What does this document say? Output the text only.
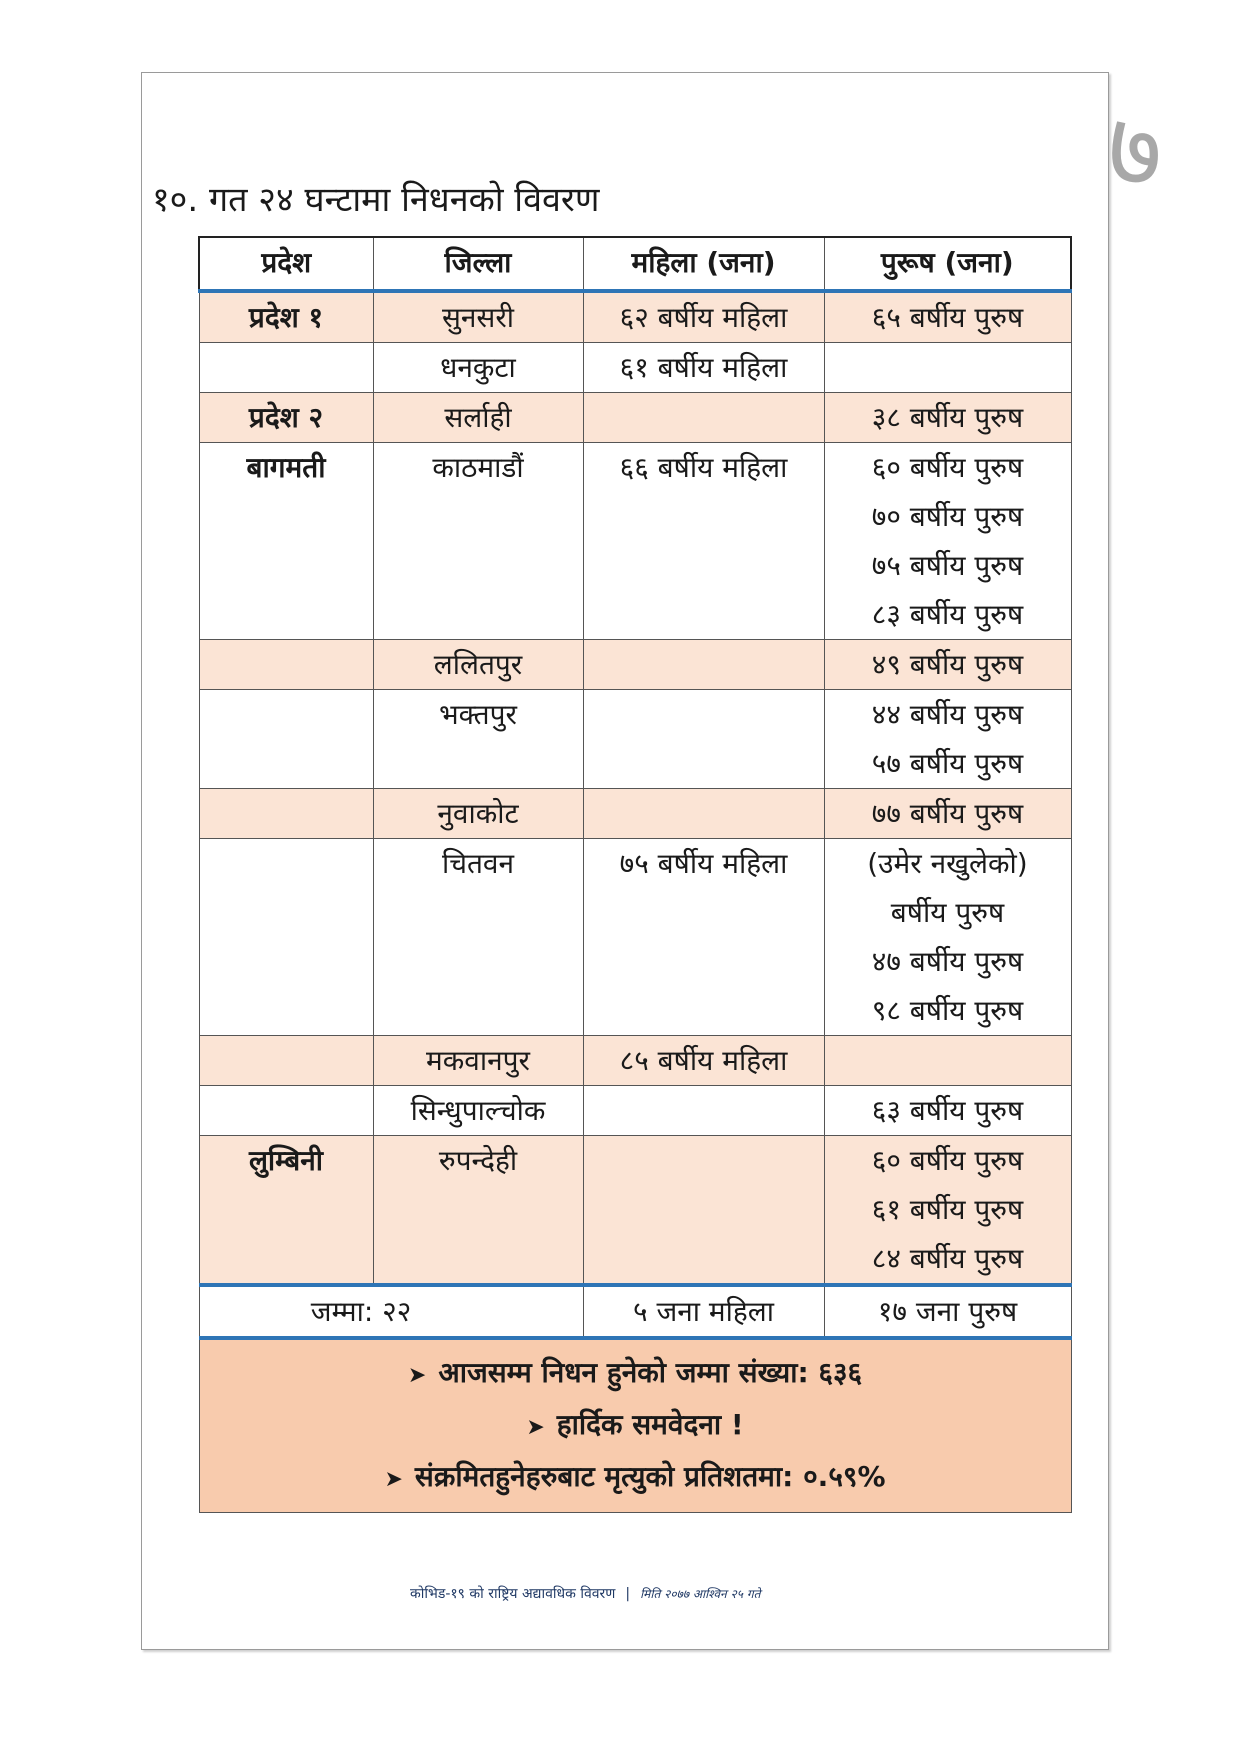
७
१०. गत २४ घन्टामा निधनको विवरण
प्रदेश	जिल्ला	महिला (जना)	पुरूष (जना)
प्रदेश १	सुनसरी	६२ बर्षीय महिला	६५ बर्षीय पुरुष

	धनकुटा	६१ बर्षीय महिला	

प्रदेश २	सर्लाही		३८ बर्षीय पुरुष

बागमती	काठमाडौं	६६ बर्षीय महिला	६० बर्षीय पुरुष
७० बर्षीय पुरुष
७५ बर्षीय पुरुष
८३ बर्षीय पुरुष

	ललितपुर		४९ बर्षीय पुरुष

	भक्तपुर		४४ बर्षीय पुरुष
५७ बर्षीय पुरुष

	नुवाकोट		७७ बर्षीय पुरुष

	चितवन	७५ बर्षीय महिला	(उमेर नखुलेको)
बर्षीय पुरुष
४७ बर्षीय पुरुष
९८ बर्षीय पुरुष

	मकवानपुर	८५ बर्षीय महिला	

	सिन्धुपाल्चोक		६३ बर्षीय पुरुष

लुम्बिनी	रुपन्देही		६० बर्षीय पुरुष
६१ बर्षीय पुरुष
८४ बर्षीय पुरुष

जम्मा: २२		५ जना महिला	१७ जना पुरुष

➤ आजसम्म निधन हुनेको जम्मा संख्या: ६३६
➤ हार्दिक समवेदना !
➤ संक्रमितहुनेहरुबाट मृत्युको प्रतिशतमा: ०.५९%			
कोभिड-१९ को राष्ट्रिय अद्यावधिक विवरण | मिति २०७७ आश्विन २५ गते
